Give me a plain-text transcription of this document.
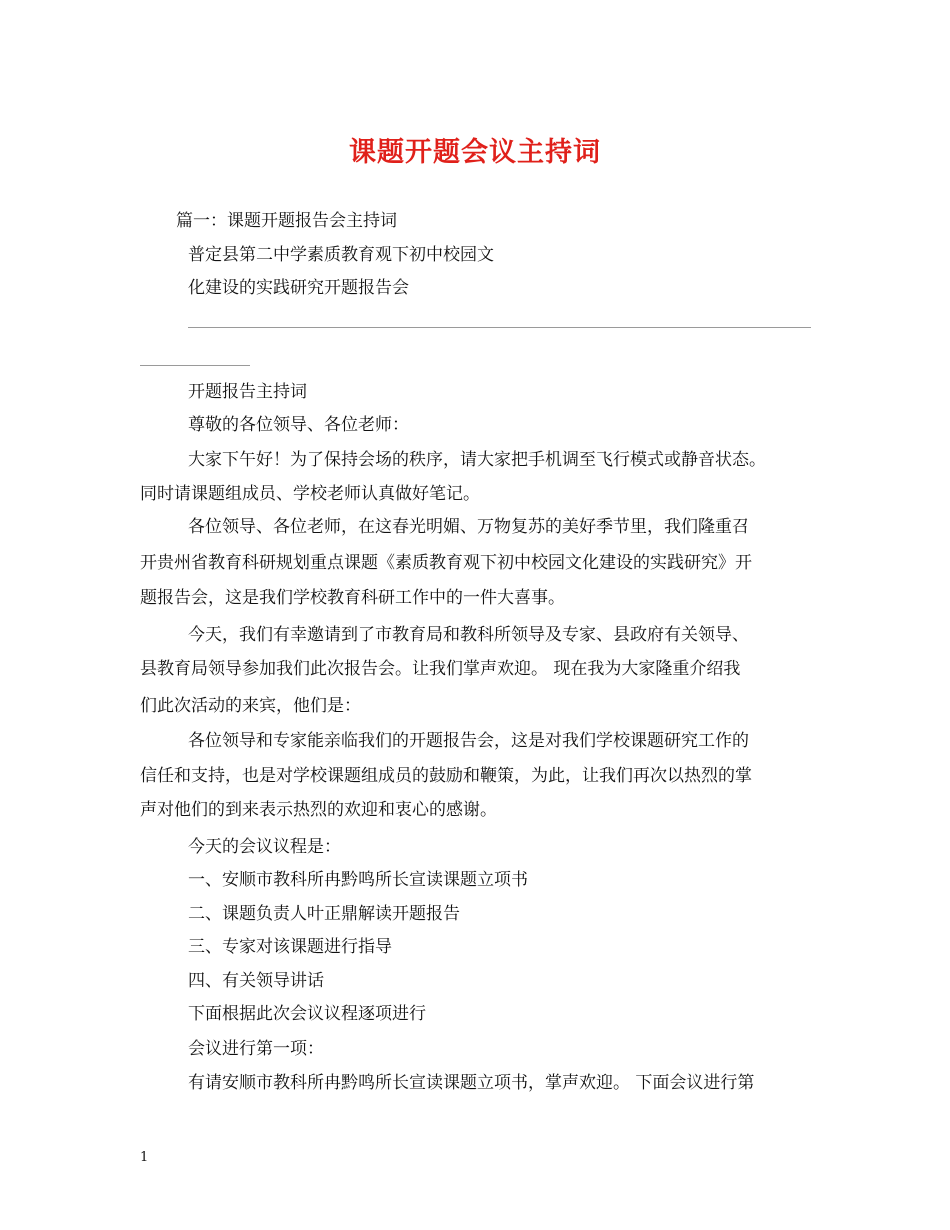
课题开题会议主持词
篇一：课题开题报告会主持词
普定县第二中学素质教育观下初中校园文
化建设的实践研究开题报告会
开题报告主持词
尊敬的各位领导、各位老师：
大家下午好！为了保持会场的秩序，请大家把手机调至飞行模式或静音状态。
同时请课题组成员、学校老师认真做好笔记。
各位领导、各位老师，在这春光明媚、万物复苏的美好季节里，我们隆重召
开贵州省教育科研规划重点课题《素质教育观下初中校园文化建设的实践研究》开
题报告会，这是我们学校教育科研工作中的一件大喜事。
今天，我们有幸邀请到了市教育局和教科所领导及专家、县政府有关领导、
县教育局领导参加我们此次报告会。让我们掌声欢迎。 现在我为大家隆重介绍我
们此次活动的来宾，他们是：
各位领导和专家能亲临我们的开题报告会，这是对我们学校课题研究工作的
信任和支持，也是对学校课题组成员的鼓励和鞭策，为此，让我们再次以热烈的掌
声对他们的到来表示热烈的欢迎和衷心的感谢。
今天的会议议程是：
一、安顺市教科所冉黔鸣所长宣读课题立项书
二、课题负责人叶正鼎解读开题报告
三、专家对该课题进行指导
四、有关领导讲话
下面根据此次会议议程逐项进行
会议进行第一项：
有请安顺市教科所冉黔鸣所长宣读课题立项书，掌声欢迎。 下面会议进行第
1
